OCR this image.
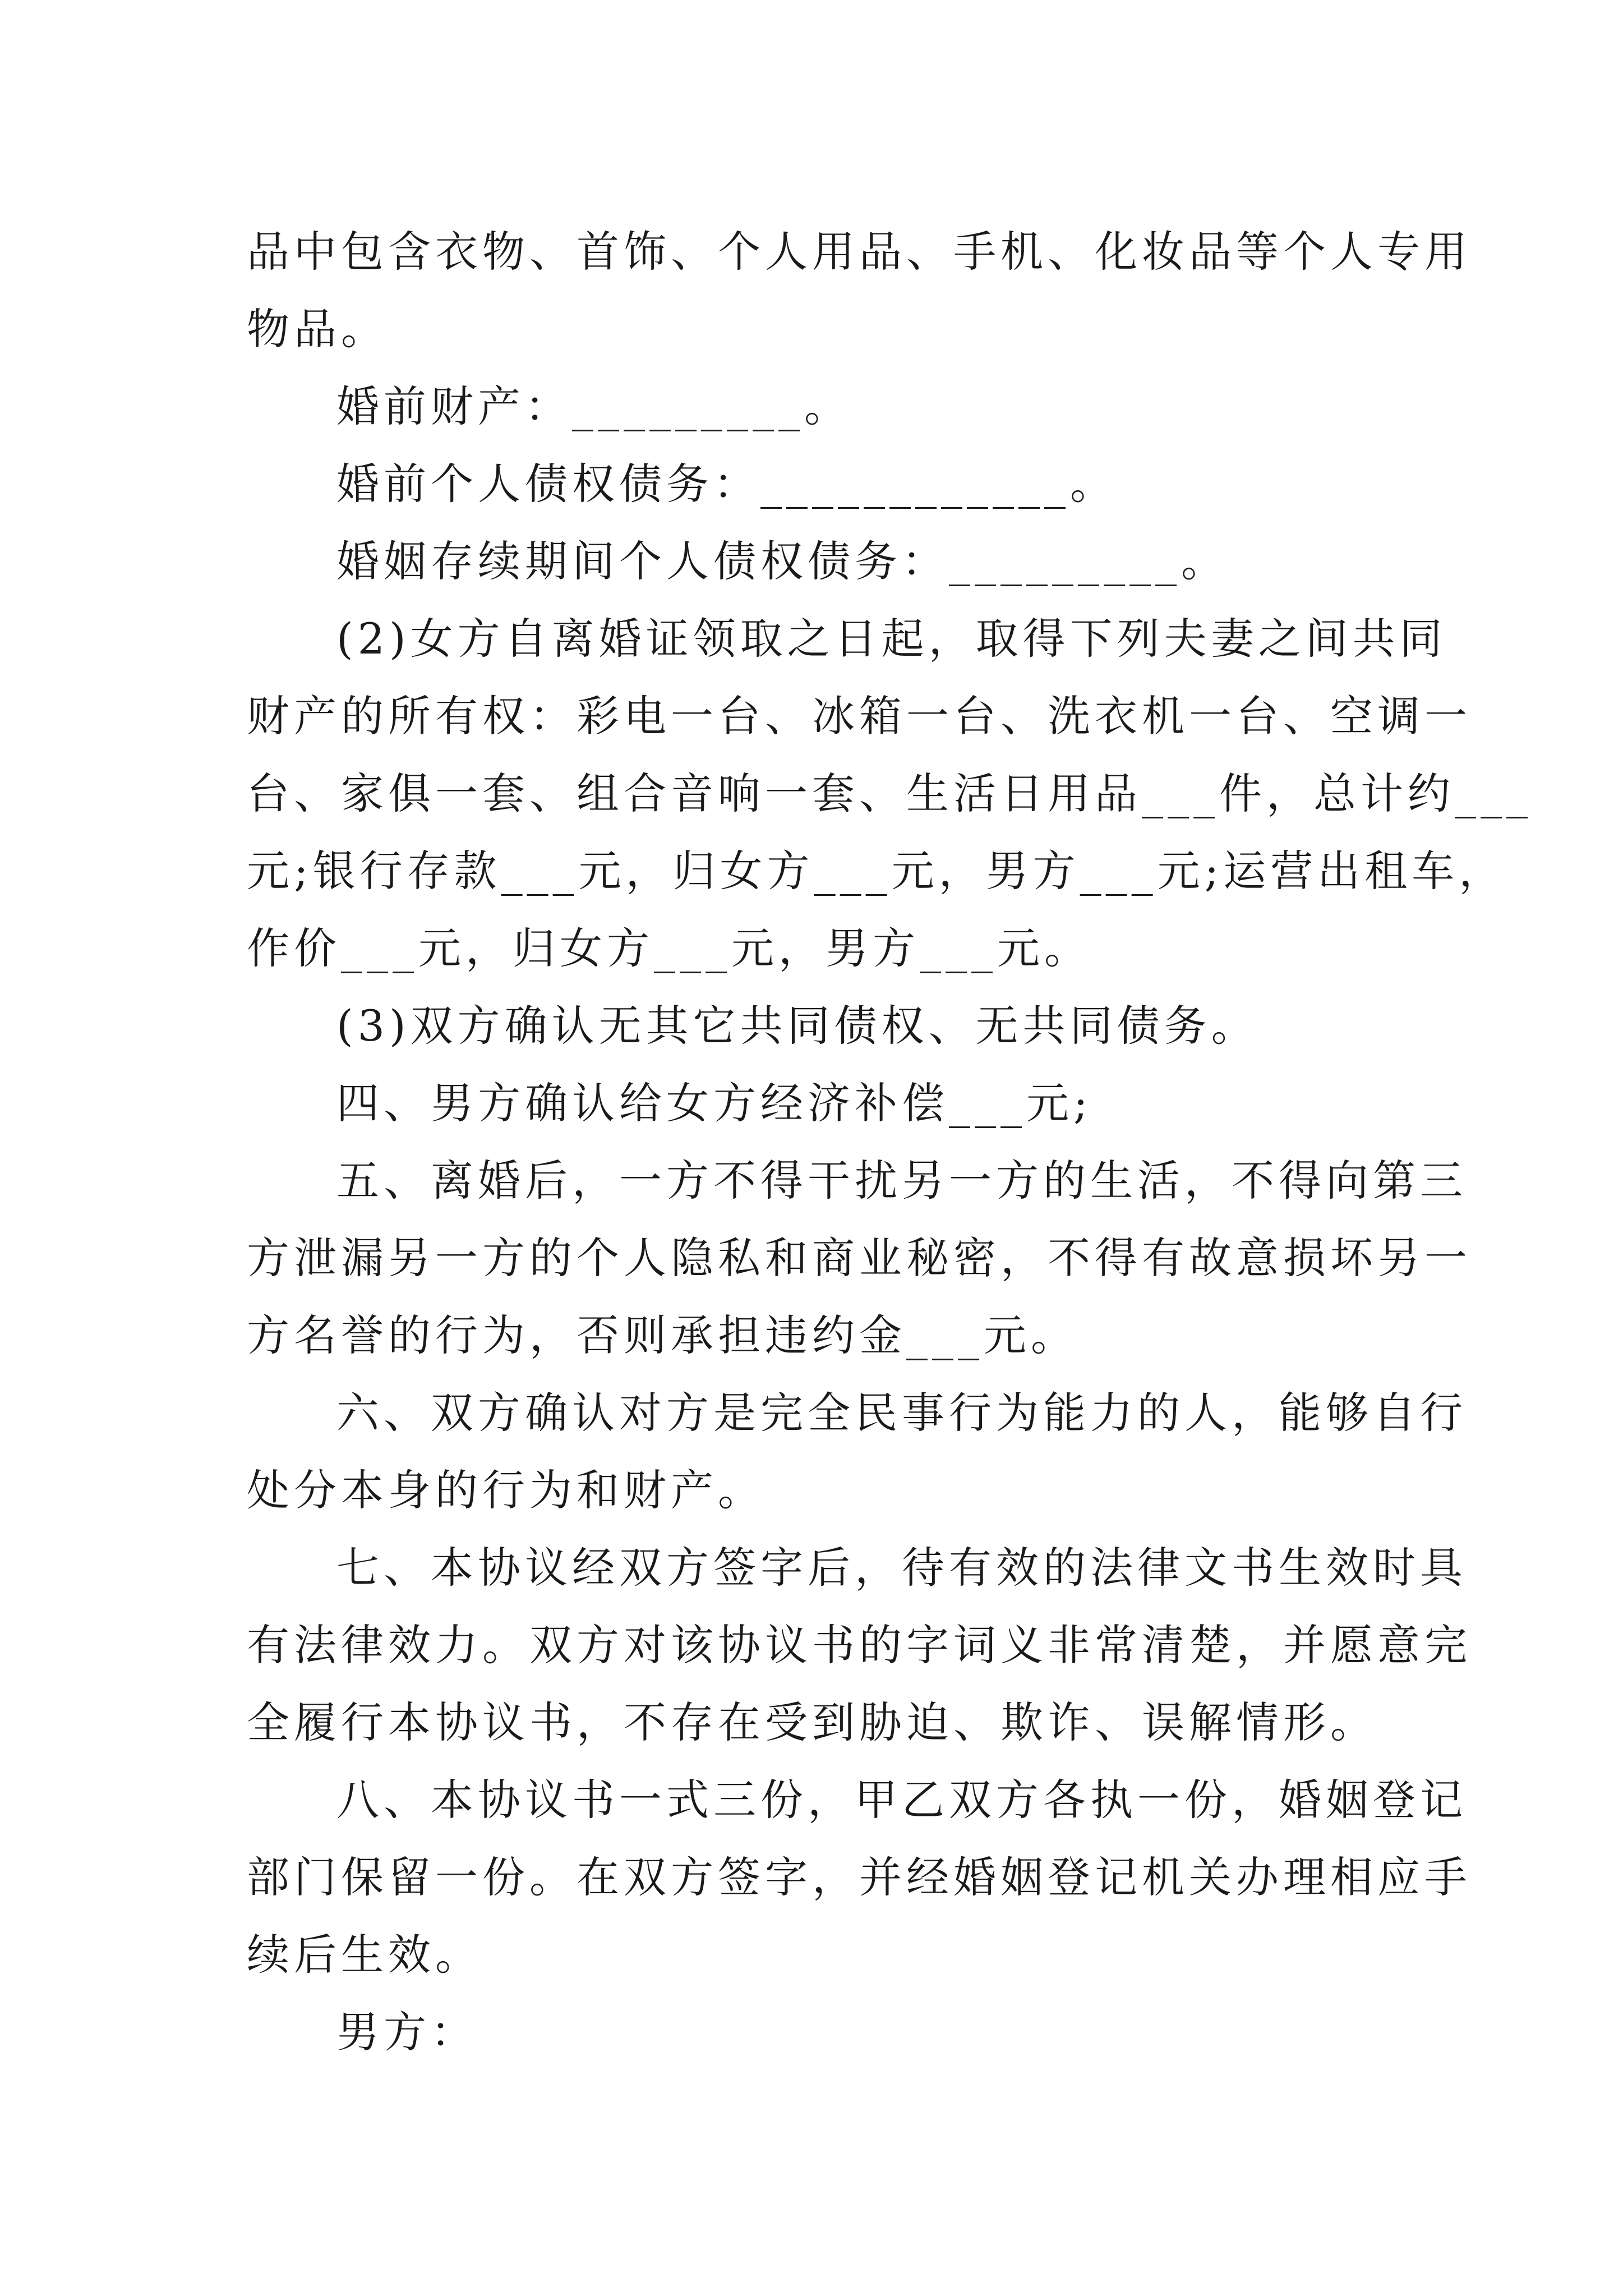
品中包含衣物、首饰、个人用品、手机、化妆品等个人专用
物品。
婚前财产：_________。
婚前个人债权债务：____________。
婚姻存续期间个人债权债务：_________。
(2)女方自离婚证领取之日起，取得下列夫妻之间共同
财产的所有权：彩电一台、冰箱一台、洗衣机一台、空调一
台、家俱一套、组合音响一套、生活日用品___件，总计约___
元;银行存款___元，归女方___元，男方___元;运营出租车，
作价___元，归女方___元，男方___元。
(3)双方确认无其它共同债权、无共同债务。
四、男方确认给女方经济补偿___元;
五、离婚后，一方不得干扰另一方的生活，不得向第三
方泄漏另一方的个人隐私和商业秘密，不得有故意损坏另一
方名誉的行为，否则承担违约金___元。
六、双方确认对方是完全民事行为能力的人，能够自行
处分本身的行为和财产。
七、本协议经双方签字后，待有效的法律文书生效时具
有法律效力。双方对该协议书的字词义非常清楚，并愿意完
全履行本协议书，不存在受到胁迫、欺诈、误解情形。
八、本协议书一式三份，甲乙双方各执一份，婚姻登记
部门保留一份。在双方签字，并经婚姻登记机关办理相应手
续后生效。
男方：
